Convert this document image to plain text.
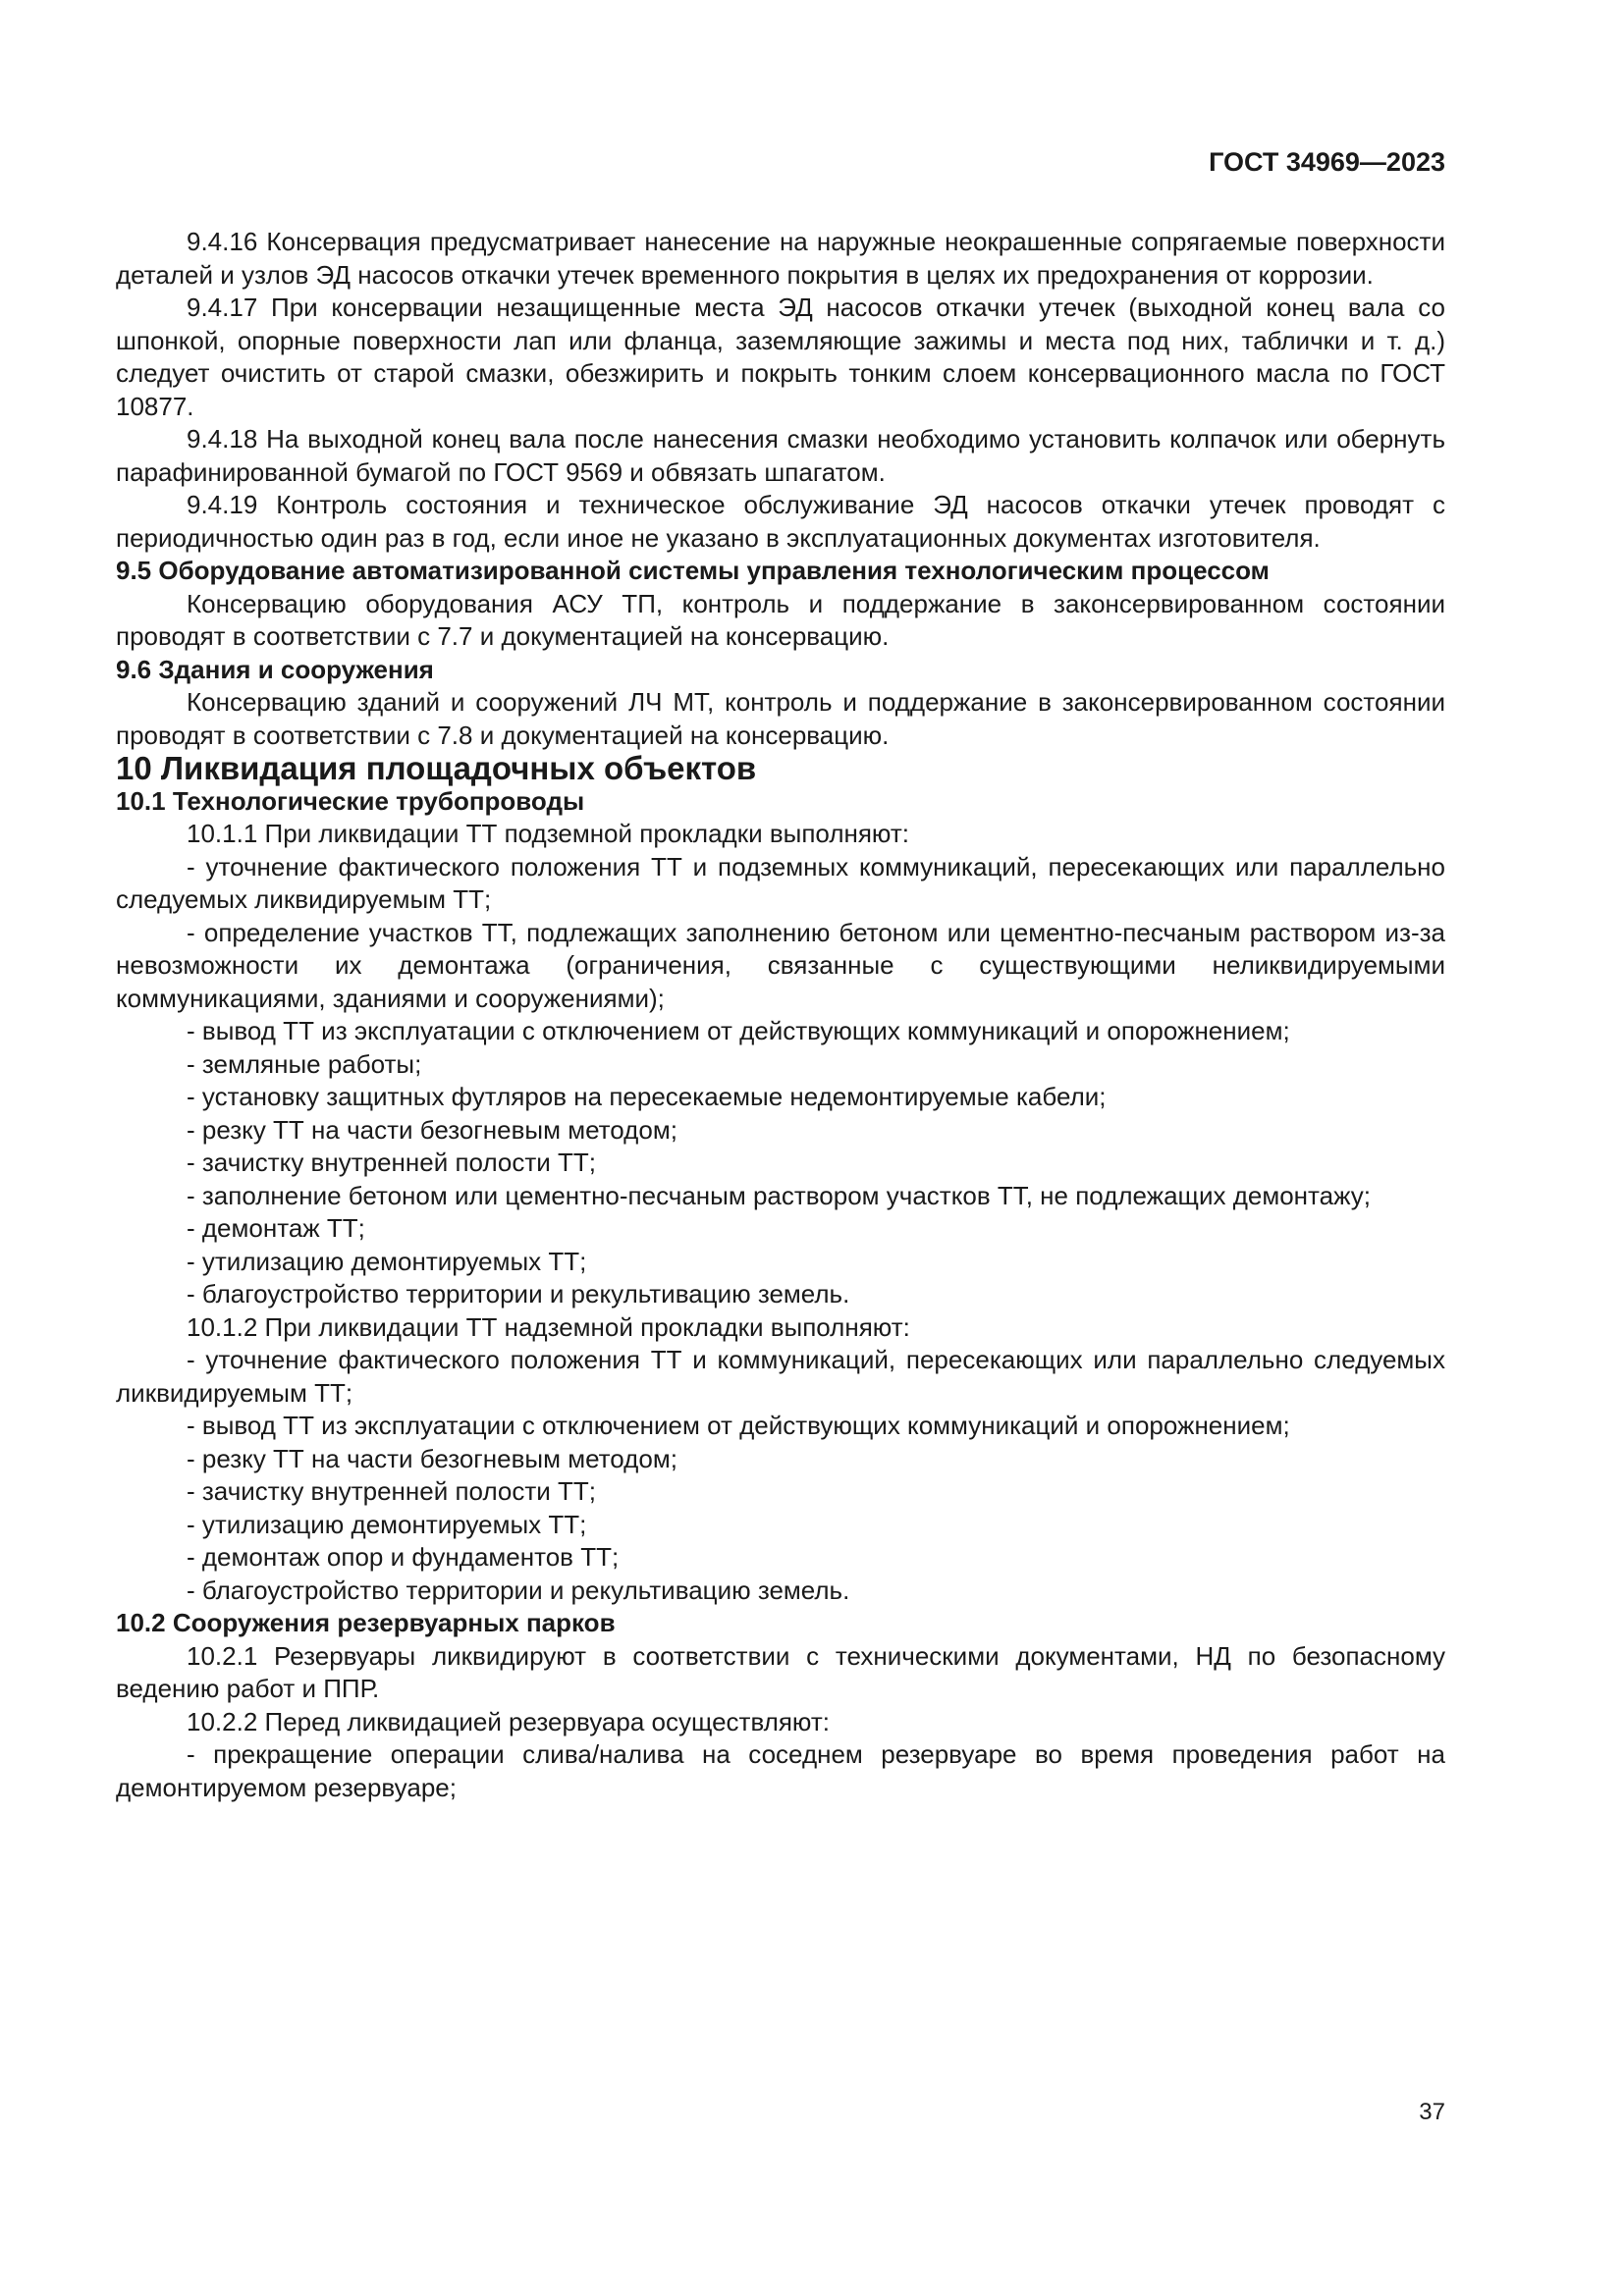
ГОСТ 34969—2023

9.4.16 Консервация предусматривает нанесение на наружные неокрашенные сопрягаемые поверхности деталей и узлов ЭД насосов откачки утечек временного покрытия в целях их предохранения от коррозии.

9.4.17 При консервации незащищенные места ЭД насосов откачки утечек (выходной конец вала со шпонкой, опорные поверхности лап или фланца, заземляющие зажимы и места под них, таблички и т. д.) следует очистить от старой смазки, обезжирить и покрыть тонким слоем консервационного масла по ГОСТ 10877.

9.4.18 На выходной конец вала после нанесения смазки необходимо установить колпачок или обернуть парафинированной бумагой по ГОСТ 9569 и обвязать шпагатом.

9.4.19 Контроль состояния и техническое обслуживание ЭД насосов откачки утечек проводят с периодичностью один раз в год, если иное не указано в эксплуатационных документах изготовителя.

9.5 Оборудование автоматизированной системы управления технологическим процессом

Консервацию оборудования АСУ ТП, контроль и поддержание в законсервированном состоянии проводят в соответствии с 7.7 и документацией на консервацию.

9.6 Здания и сооружения

Консервацию зданий и сооружений ЛЧ МТ, контроль и поддержание в законсервированном состоянии проводят в соответствии с 7.8 и документацией на консервацию.

10 Ликвидация площадочных объектов

10.1 Технологические трубопроводы

10.1.1 При ликвидации ТТ подземной прокладки выполняют:

- уточнение фактического положения ТТ и подземных коммуникаций, пересекающих или параллельно следуемых ликвидируемым ТТ;

- определение участков ТТ, подлежащих заполнению бетоном или цементно-песчаным раствором из-за невозможности их демонтажа (ограничения, связанные с существующими неликвидируемыми коммуникациями, зданиями и сооружениями);

- вывод ТТ из эксплуатации с отключением от действующих коммуникаций и опорожнением;

- земляные работы;

- установку защитных футляров на пересекаемые недемонтируемые кабели;

- резку ТТ на части безогневым методом;

- зачистку внутренней полости ТТ;

- заполнение бетоном или цементно-песчаным раствором участков ТТ, не подлежащих демонтажу;

- демонтаж ТТ;

- утилизацию демонтируемых ТТ;

- благоустройство территории и рекультивацию земель.

10.1.2 При ликвидации ТТ надземной прокладки выполняют:

- уточнение фактического положения ТТ и коммуникаций, пересекающих или параллельно следуемых ликвидируемым ТТ;

- вывод ТТ из эксплуатации с отключением от действующих коммуникаций и опорожнением;

- резку ТТ на части безогневым методом;

- зачистку внутренней полости ТТ;

- утилизацию демонтируемых ТТ;

- демонтаж опор и фундаментов ТТ;

- благоустройство территории и рекультивацию земель.

10.2 Сооружения резервуарных парков

10.2.1 Резервуары ликвидируют в соответствии с техническими документами, НД по безопасному ведению работ и ППР.

10.2.2 Перед ликвидацией резервуара осуществляют:

- прекращение операции слива/налива на соседнем резервуаре во время проведения работ на демонтируемом резервуаре;

37
